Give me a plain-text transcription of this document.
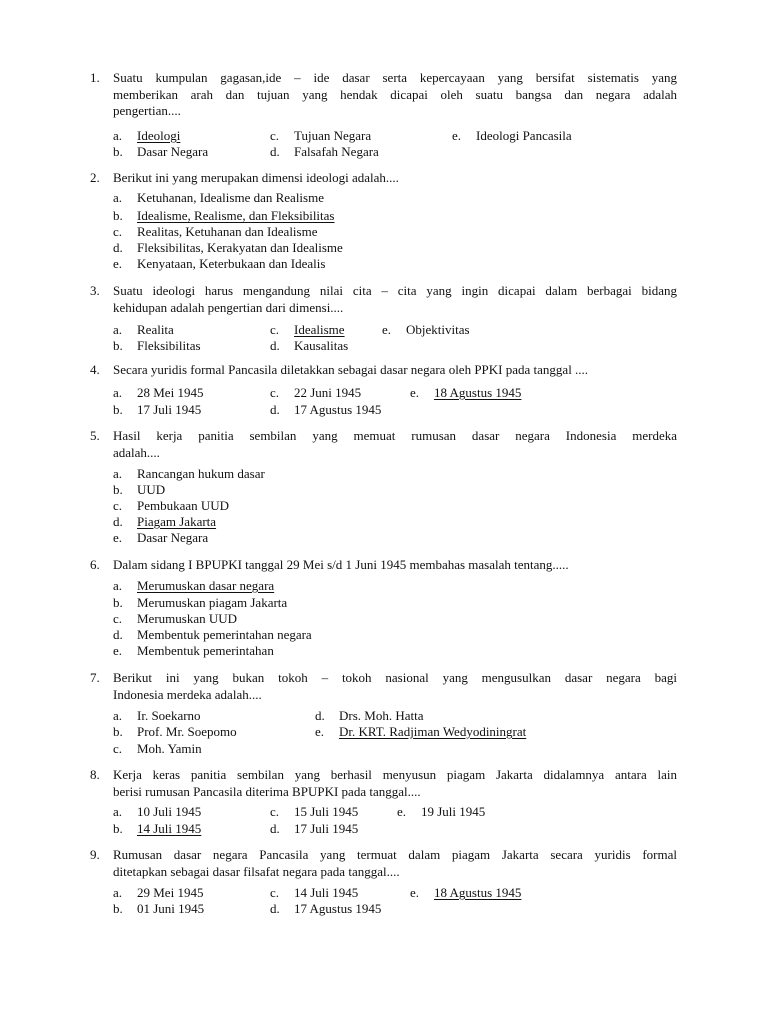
1. Suatu kumpulan gagasan,ide – ide dasar serta kepercayaan yang bersifat sistematis yang
memberikan arah dan tujuan yang hendak dicapai oleh suatu bangsa dan negara adalah
pengertian....
a. Ideologi	c. Tujuan Negara	e. Ideologi Pancasila
b. Dasar Negara	d. Falsafah Negara
2. Berikut ini yang merupakan dimensi ideologi adalah....
a. Ketuhanan, Idealisme dan Realisme
b. Idealisme, Realisme, dan Fleksibilitas
c. Realitas, Ketuhanan dan Idealisme
d. Fleksibilitas, Kerakyatan dan Idealisme
e. Kenyataan, Keterbukaan dan Idealis
3. Suatu ideologi harus mengandung nilai cita – cita yang ingin dicapai dalam berbagai bidang
kehidupan adalah pengertian dari dimensi....
a. Realita	c. Idealisme	e. Objektivitas
b. Fleksibilitas	d. Kausalitas
4. Secara yuridis formal Pancasila diletakkan sebagai dasar negara oleh PPKI pada tanggal ....
a. 28 Mei 1945	c. 22 Juni 1945	e. 18 Agustus 1945
b. 17 Juli 1945	d. 17 Agustus 1945
5. Hasil kerja panitia sembilan yang memuat rumusan dasar negara Indonesia merdeka
adalah....
a. Rancangan hukum dasar
b. UUD
c. Pembukaan UUD
d. Piagam Jakarta
e. Dasar Negara
6. Dalam sidang I BPUPKI tanggal 29 Mei s/d 1 Juni 1945 membahas masalah tentang.....
a. Merumuskan dasar negara
b. Merumuskan piagam Jakarta
c. Merumuskan UUD
d. Membentuk pemerintahan negara
e. Membentuk pemerintahan
7. Berikut ini yang bukan tokoh – tokoh nasional yang mengusulkan dasar negara bagi
Indonesia merdeka adalah....
a. Ir. Soekarno	d. Drs. Moh. Hatta
b. Prof. Mr. Soepomo	e. Dr. KRT. Radjiman Wedyodiningrat
c. Moh. Yamin
8. Kerja keras panitia sembilan yang berhasil menyusun piagam Jakarta didalamnya antara lain
berisi rumusan Pancasila diterima BPUPKI pada tanggal....
a. 10 Juli 1945	c. 15 Juli 1945	e. 19 Juli 1945
b. 14 Juli 1945	d. 17 Juli 1945
9. Rumusan dasar negara Pancasila yang termuat dalam piagam Jakarta secara yuridis formal
ditetapkan sebagai dasar filsafat negara pada tanggal....
a. 29 Mei 1945	c. 14 Juli 1945	e. 18 Agustus 1945
b. 01 Juni 1945	d. 17 Agustus 1945
